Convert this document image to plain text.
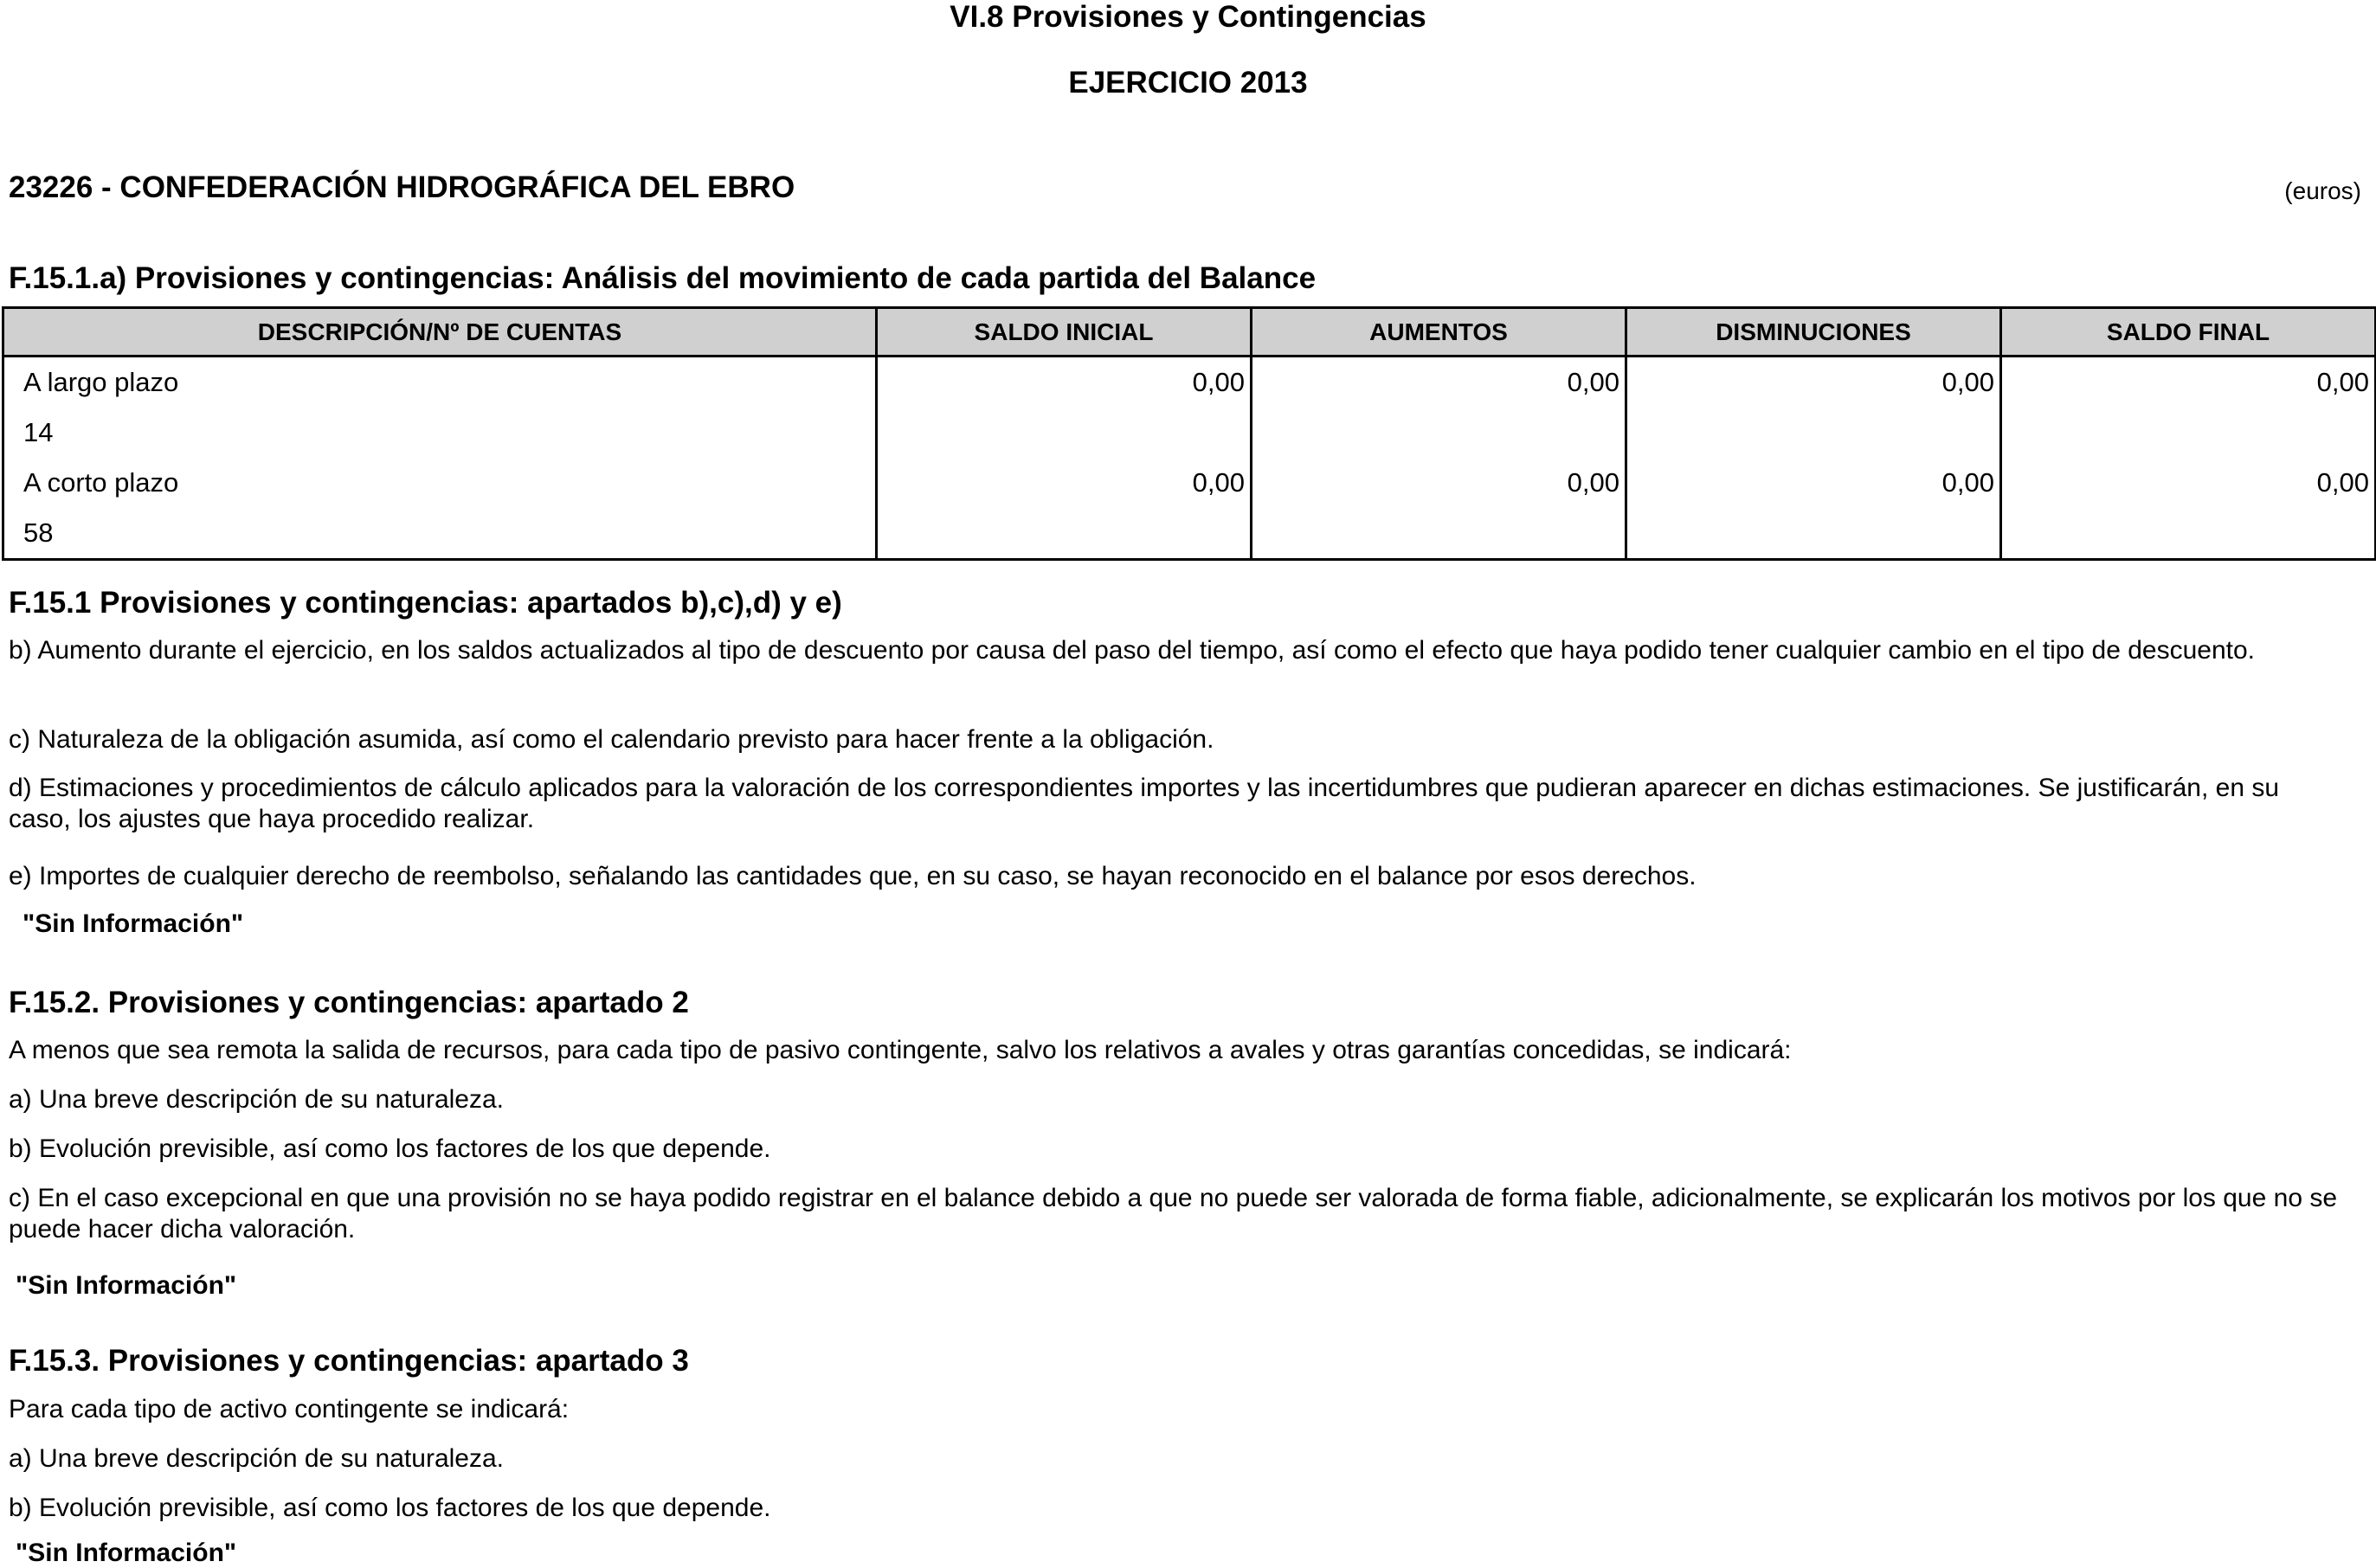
VI.8 Provisiones y Contingencias
EJERCICIO 2013
23226 - CONFEDERACIÓN HIDROGRÁFICA DEL EBRO	(euros)
F.15.1.a) Provisiones y contingencias: Análisis del movimiento de cada partida del Balance
DESCRIPCIÓN/Nº DE CUENTAS	SALDO INICIAL	AUMENTOS	DISMINUCIONES	SALDO FINAL
A largo plazo	0,00	0,00	0,00	0,00
14				
A corto plazo	0,00	0,00	0,00	0,00
58				
F.15.1 Provisiones y contingencias: apartados b),c),d) y e)
b) Aumento durante el ejercicio, en los saldos actualizados al tipo de descuento por causa del paso del tiempo, así como el efecto que haya podido tener cualquier cambio en el tipo de descuento.
c) Naturaleza de la obligación asumida, así como el calendario previsto para hacer frente a la obligación.
d) Estimaciones y procedimientos de cálculo aplicados para la valoración de los correspondientes importes y las incertidumbres que pudieran aparecer en dichas estimaciones. Se justificarán, en su caso, los ajustes que haya procedido realizar.
e) Importes de cualquier derecho de reembolso, señalando las cantidades que, en su caso, se hayan reconocido en el balance por esos derechos.
"Sin Información"
F.15.2. Provisiones y contingencias: apartado 2
A menos que sea remota la salida de recursos, para cada tipo de pasivo contingente, salvo los relativos a avales y otras garantías concedidas, se indicará:
a) Una breve descripción de su naturaleza.
b) Evolución previsible, así como los factores de los que depende.
c) En el caso excepcional en que una provisión no se haya podido registrar en el balance debido a que no puede ser valorada de forma fiable, adicionalmente, se explicarán los motivos por los que no se puede hacer dicha valoración.
"Sin Información"
F.15.3. Provisiones y contingencias: apartado 3
Para cada tipo de activo contingente se indicará:
a) Una breve descripción de su naturaleza.
b) Evolución previsible, así como los factores de los que depende.
"Sin Información"
